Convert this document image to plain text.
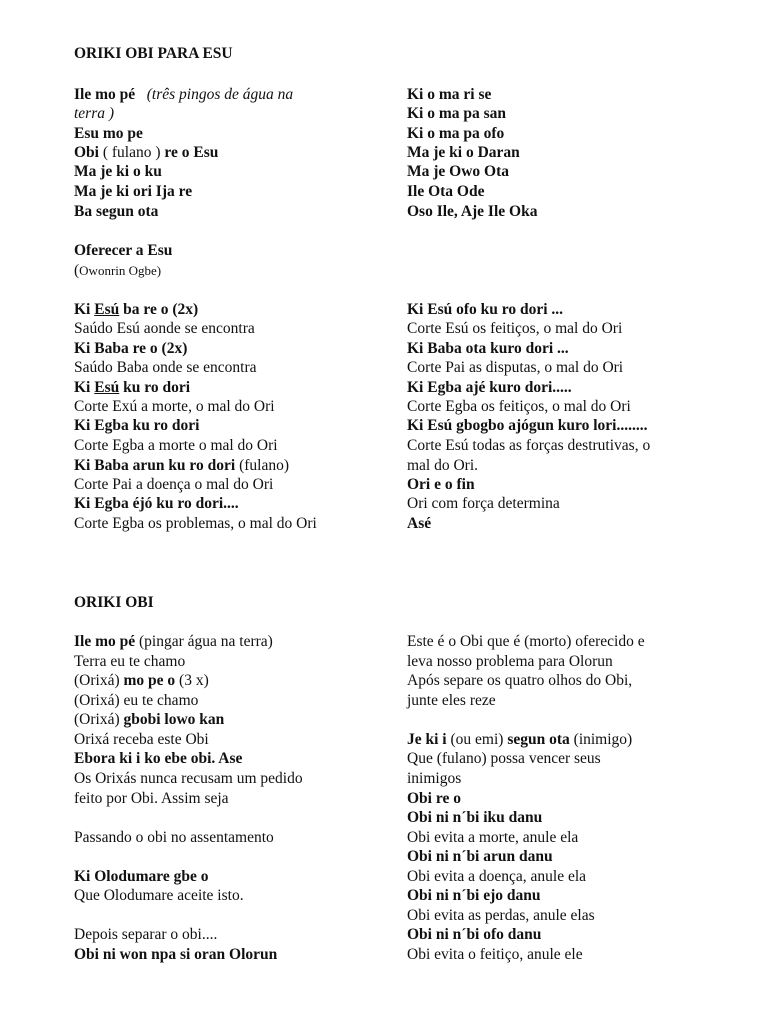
ORIKI OBI PARA ESU
Ile mo pé (três pingos de água na
terra )
Esu mo pe
Obi ( fulano ) re o Esu
Ma je ki o ku
Ma je ki ori Ija re
Ba segun ota
Ki o ma ri se
Ki o ma pa san
Ki o ma pa ofo
Ma je ki o Daran
Ma je Owo Ota
Ile Ota Ode
Oso Ile, Aje Ile Oka
Oferecer a Esu
(Owonrin Ogbe)
Ki Esú ba re o (2x)
Saúdo Esú aonde se encontra
Ki Baba re o (2x)
Saúdo Baba onde se encontra
Ki Esú ku ro dori
Corte Exú a morte, o mal do Ori
Ki Egba ku ro dori
Corte Egba a morte o mal do Ori
Ki Baba arun ku ro dori (fulano)
Corte Pai a doença o mal do Ori
Ki Egba éjó ku ro dori....
Corte Egba os problemas, o mal do Ori
Ki Esú ofo ku ro dori ...
Corte Esú os feitiços, o mal do Ori
Ki Baba ota kuro dori ...
Corte Pai as disputas, o mal do Ori
Ki Egba ajé kuro dori.....
Corte Egba os feitiços, o mal do Ori
Ki Esú gbogbo ajógun kuro lori........
Corte Esú todas as forças destrutivas, o
mal do Ori.
Ori e o fin
Ori com força determina
Asé
ORIKI OBI
Ile mo pé (pingar água na terra)
Terra eu te chamo
(Orixá) mo pe o (3 x)
(Orixá) eu te chamo
(Orixá) gbobi lowo kan
Orixá receba este Obi
Ebora ki i ko ebe obi. Ase
Os Orixás nunca recusam um pedido
feito por Obi. Assim seja
Passando o obi no assentamento
Ki Olodumare gbe o
Que Olodumare aceite isto.
Depois separar o obi....
Obi ni won npa si oran Olorun
Este é o Obi que é (morto) oferecido e
leva nosso problema para Olorun
Após separe os quatro olhos do Obi,
junte eles reze
Je ki i (ou emi) segun ota (inimigo)
Que (fulano) possa vencer seus
inimigos
Obi re o
Obi ni n´bi iku danu
Obi evita a morte, anule ela
Obi ni n´bi arun danu
Obi evita a doença, anule ela
Obi ni n´bi ejo danu
Obi evita as perdas, anule elas
Obi ni n´bi ofo danu
Obi evita o feitiço, anule ele
